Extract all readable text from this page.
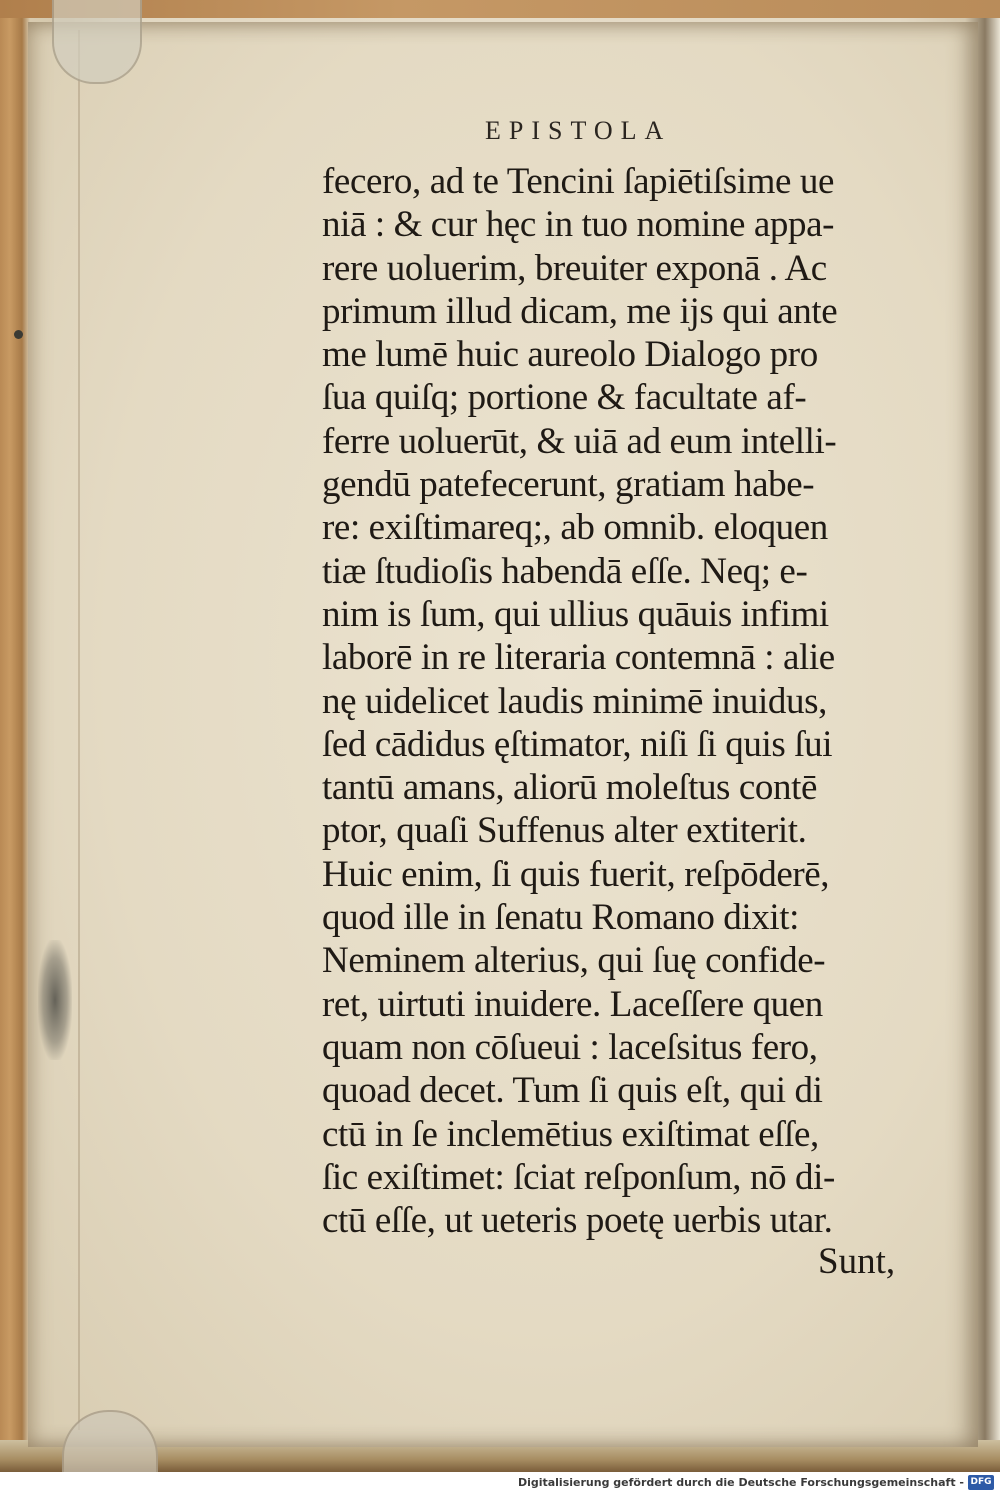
EPISTOLA
fecero, ad te Tencini ſapiētiſsime ue
niā : & cur hęc in tuo nomine appa-
rere uoluerim, breuiter exponā . Ac
primum illud dicam, me ijs qui ante
me lumē huic aureolo Dialogo pro
ſua quiſq; portione & facultate af-
ferre uoluerūt, & uiā ad eum intelli-
gendū patefecerunt, gratiam habe-
re: exiſtimareq;, ab omnib. eloquen
tiæ ſtudioſis habendā eſſe. Neq; e-
nim is ſum, qui ullius quāuis infimi
laborē in re literaria contemnā : alie
nę uidelicet laudis minimē inuidus,
ſed cādidus ęſtimator, niſi ſi quis ſui
tantū amans, aliorū moleſtus contē
ptor, quaſi Suffenus alter extiterit.
Huic enim, ſi quis fuerit, reſpōderē,
quod ille in ſenatu Romano dixit:
Neminem alterius, qui ſuę confide-
ret, uirtuti inuidere. Laceſſere quen
quam non cōſueui : laceſsitus fero,
quoad decet. Tum ſi quis eſt, qui di
ctū in ſe inclemētius exiſtimat eſſe,
ſic exiſtimet: ſciat reſponſum, nō di-
ctū eſſe, ut ueteris poetę uerbis utar.
Sunt,
Digitalisierung gefördert durch die Deutsche Forschungsgemeinschaft - DFG
